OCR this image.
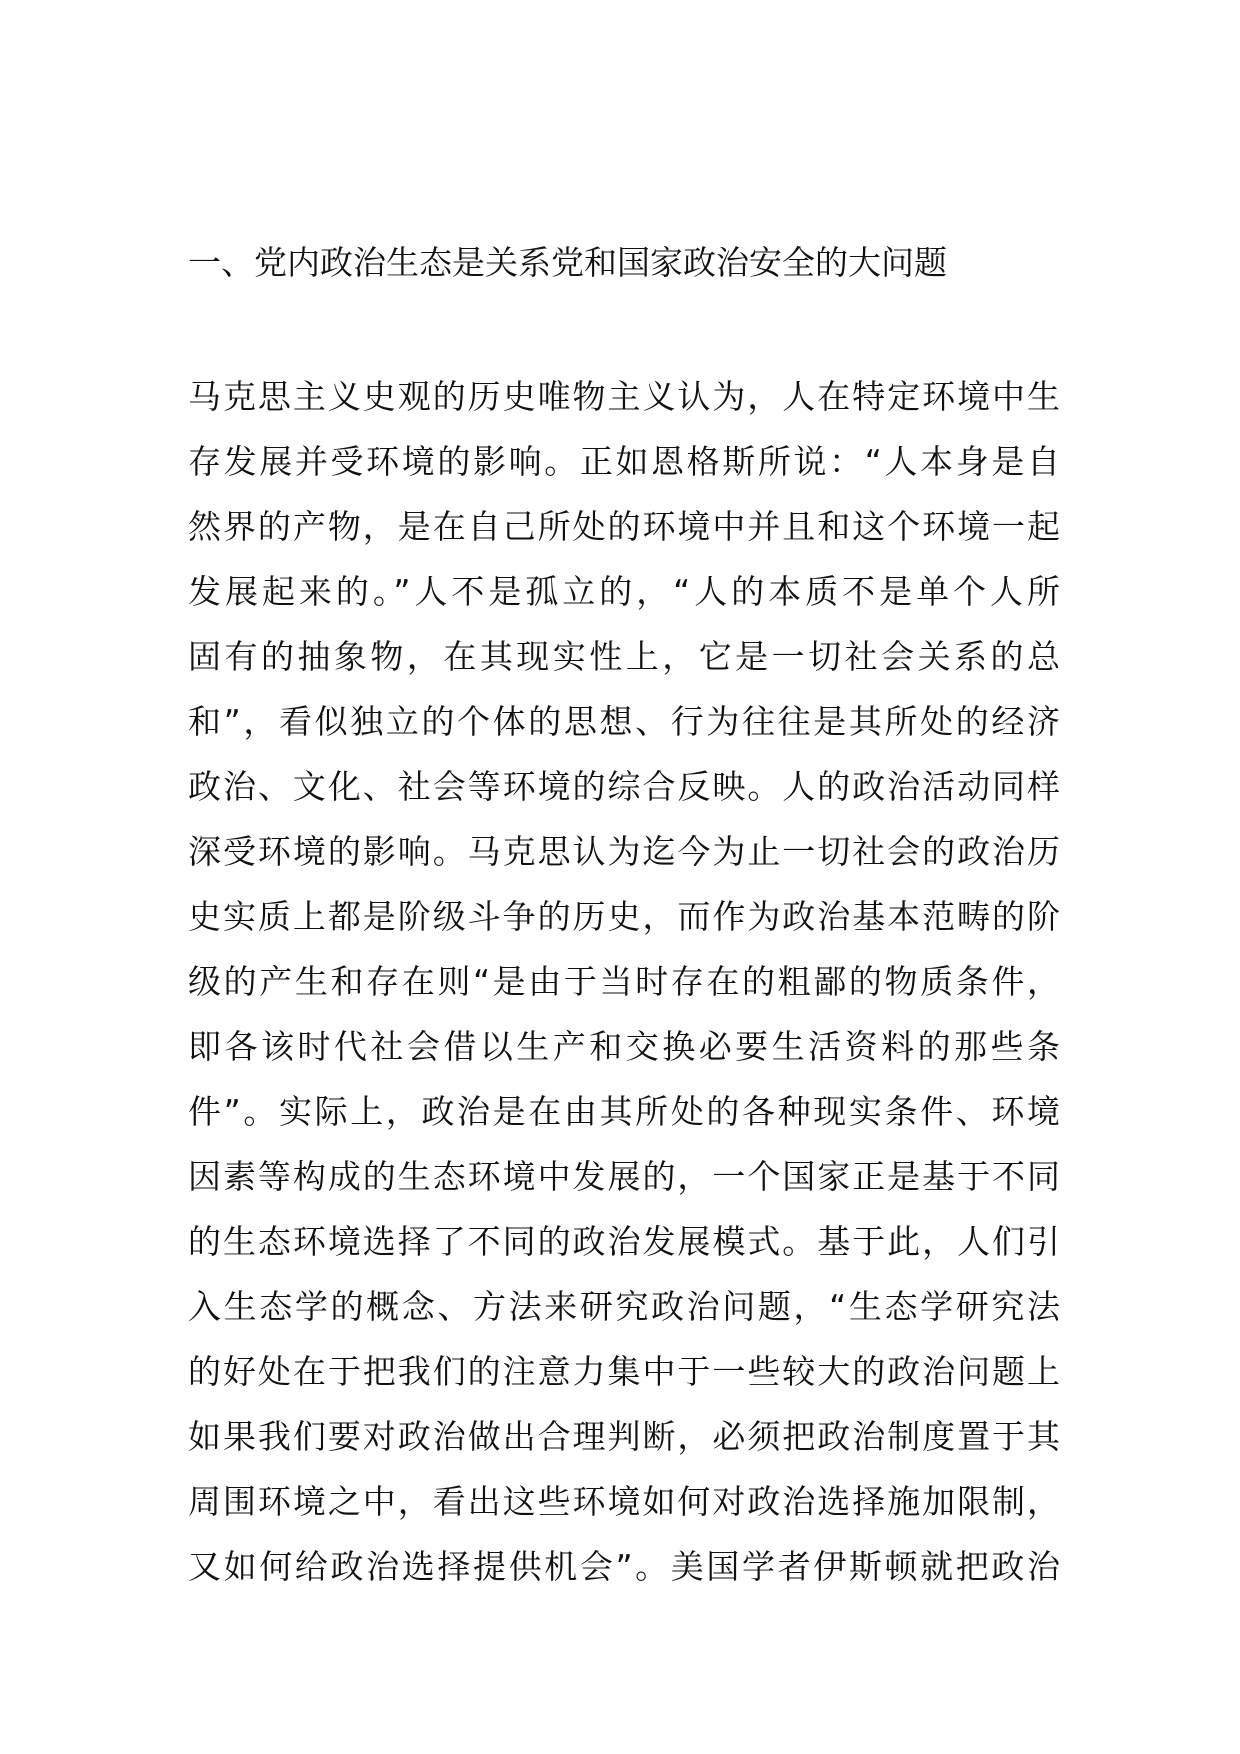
一、党内政治生态是关系党和国家政治安全的大问题
马克思主义史观的历史唯物主义认为，人在特定环境中生
存发展并受环境的影响。正如恩格斯所说：“人本身是自
然界的产物，是在自己所处的环境中并且和这个环境一起
发展起来的。”人不是孤立的，“人的本质不是单个人所
固有的抽象物，在其现实性上，它是一切社会关系的总
和”，看似独立的个体的思想、行为往往是其所处的经济
政治、文化、社会等环境的综合反映。人的政治活动同样
深受环境的影响。马克思认为迄今为止一切社会的政治历
史实质上都是阶级斗争的历史，而作为政治基本范畴的阶
级的产生和存在则“是由于当时存在的粗鄙的物质条件，
即各该时代社会借以生产和交换必要生活资料的那些条
件”。实际上，政治是在由其所处的各种现实条件、环境
因素等构成的生态环境中发展的，一个国家正是基于不同
的生态环境选择了不同的政治发展模式。基于此，人们引
入生态学的概念、方法来研究政治问题，“生态学研究法
的好处在于把我们的注意力集中于一些较大的政治问题上
如果我们要对政治做出合理判断，必须把政治制度置于其
周围环境之中，看出这些环境如何对政治选择施加限制，
又如何给政治选择提供机会”。美国学者伊斯顿就把政治
